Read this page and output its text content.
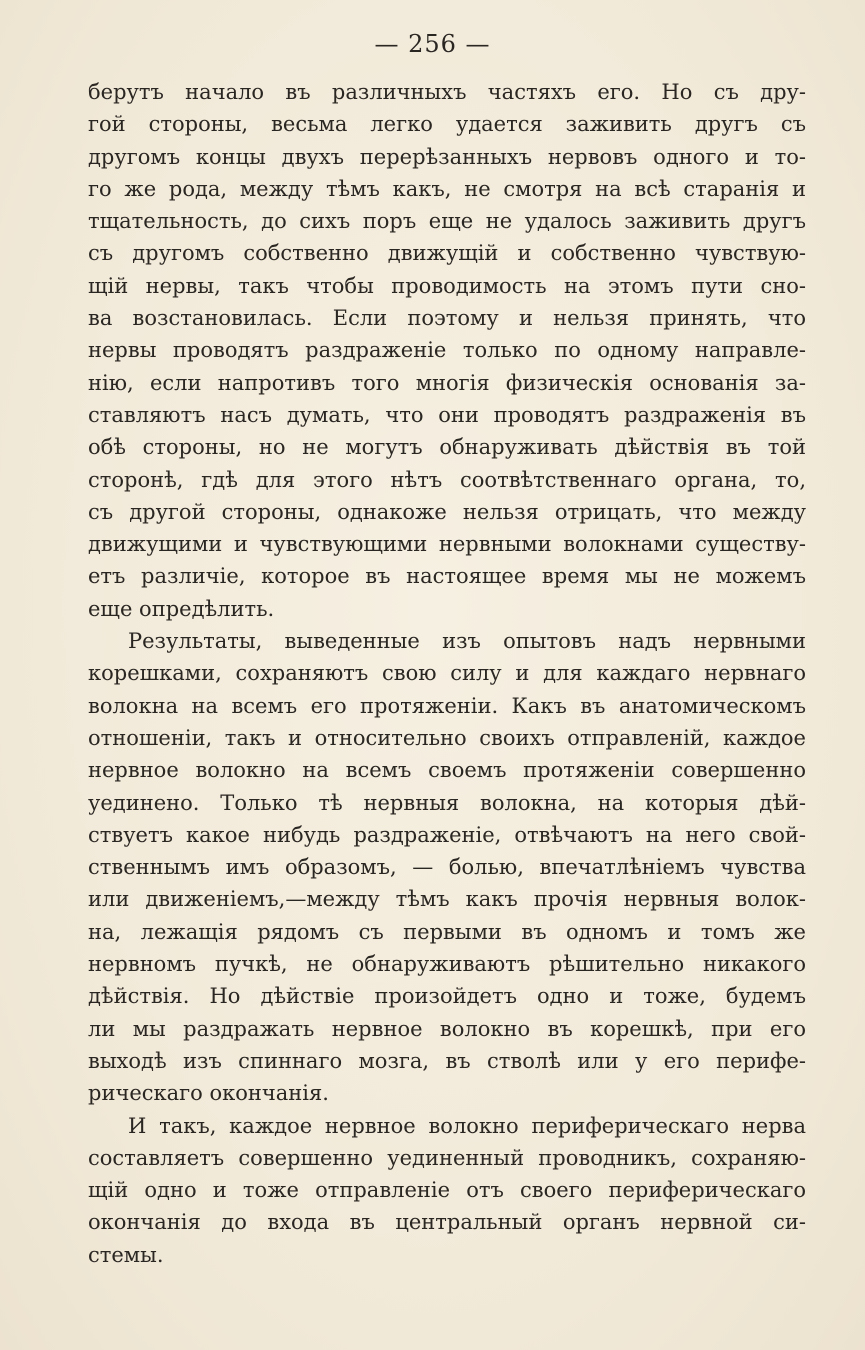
— 256 —
берутъ начало въ различныхъ частяхъ его. Но съ дру-
гой стороны, весьма легко удается заживить другъ съ
другомъ концы двухъ перерѣзанныхъ нервовъ одного и то-
го же рода, между тѣмъ какъ, не смотря на всѣ старанія и
тщательность, до сихъ поръ еще не удалось заживить другъ
съ другомъ собственно движущій и собственно чувствую-
щій нервы, такъ чтобы проводимость на этомъ пути сно-
ва возстановилась. Если поэтому и нельзя принять, что
нервы проводятъ раздраженіе только по одному направле-
нію, если напротивъ того многія физическія основанія за-
ставляютъ насъ думать, что они проводятъ раздраженія въ
обѣ стороны, но не могутъ обнаруживать дѣйствія въ той
сторонѣ, гдѣ для этого нѣтъ соотвѣтственнаго органа, то,
съ другой стороны, однакоже нельзя отрицать, что между
движущими и чувствующими нервными волокнами существу-
етъ различіе, которое въ настоящее время мы не можемъ
еще опредѣлить.
Результаты, выведенные изъ опытовъ надъ нервными
корешками, сохраняютъ свою силу и для каждаго нервнаго
волокна на всемъ его протяженіи. Какъ въ анатомическомъ
отношеніи, такъ и относительно своихъ отправленій, каждое
нервное волокно на всемъ своемъ протяженіи совершенно
уединено. Только тѣ нервныя волокна, на которыя дѣй-
ствуетъ какое нибудь раздраженіе, отвѣчаютъ на него свой-
ственнымъ имъ образомъ, — болью, впечатлѣніемъ чувства
или движеніемъ,—между тѣмъ какъ прочія нервныя волок-
на, лежащія рядомъ съ первыми въ одномъ и томъ же
нервномъ пучкѣ, не обнаруживаютъ рѣшительно никакого
дѣйствія. Но дѣйствіе произойдетъ одно и тоже, будемъ
ли мы раздражать нервное волокно въ корешкѣ, при его
выходѣ изъ спиннаго мозга, въ стволѣ или у его перифе-
рическаго окончанія.
И такъ, каждое нервное волокно периферическаго нерва
составляетъ совершенно уединенный проводникъ, сохраняю-
щій одно и тоже отправленіе отъ своего периферическаго
окончанія до входа въ центральный органъ нервной си-
стемы.
